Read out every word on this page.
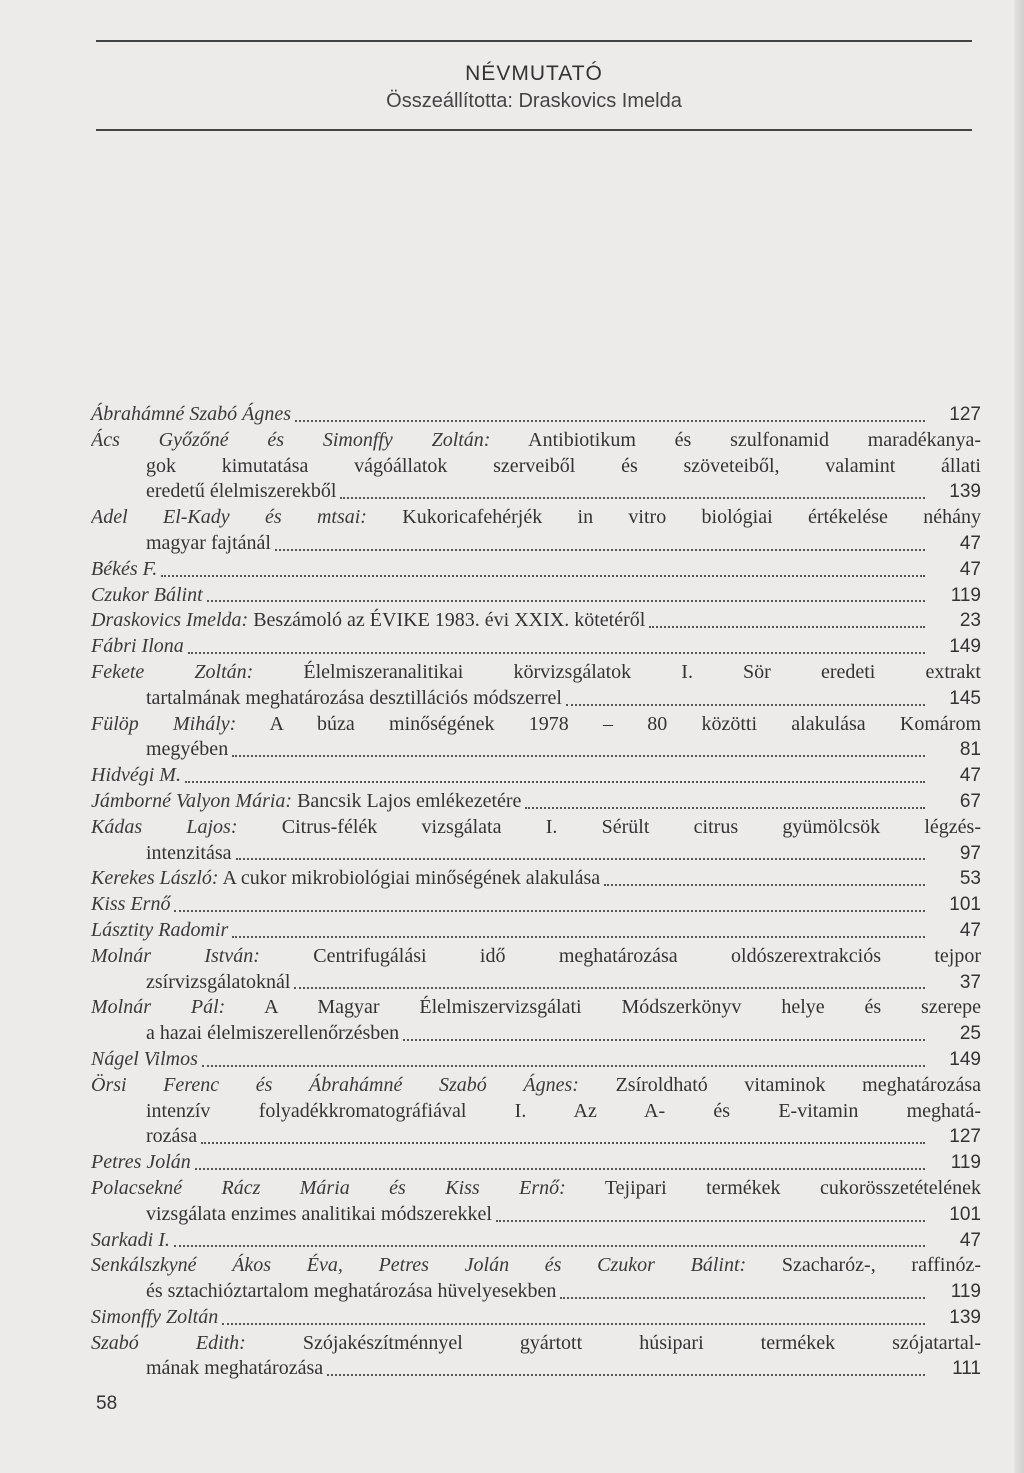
NÉVMUTATÓ
Összeállította: Draskovics Imelda
Ábrahámné Szabó Ágnes	127
Ács Győzőné és Simonffy Zoltán: Antibiotikum és szulfonamid maradékanya-
gok kimutatása vágóállatok szerveiből és szöveteiből, valamint állati
eredetű élelmiszerekből	139
Adel El-Kady és mtsai: Kukoricafehérjék in vitro biológiai értékelése néhány
magyar fajtánál	47
Békés F.	47
Czukor Bálint	119
Draskovics Imelda: Beszámoló az ÉVIKE 1983. évi XXIX. kötetéről	23
Fábri Ilona	149
Fekete Zoltán: Élelmiszeranalitikai körvizsgálatok I. Sör eredeti extrakt
tartalmának meghatározása desztillációs módszerrel	145
Fülöp Mihály: A búza minőségének 1978 – 80 közötti alakulása Komárom
megyében	81
Hidvégi M.	47
Jámborné Valyon Mária: Bancsik Lajos emlékezetére	67
Kádas Lajos: Citrus-félék vizsgálata I. Sérült citrus gyümölcsök légzés-
intenzitása	97
Kerekes László: A cukor mikrobiológiai minőségének alakulása	53
Kiss Ernő	101
Lásztity Radomir	47
Molnár István: Centrifugálási idő meghatározása oldószerextrakciós tejpor
zsírvizsgálatoknál	37
Molnár Pál: A Magyar Élelmiszervizsgálati Módszerkönyv helye és szerepe
a hazai élelmiszerellenőrzésben	25
Nágel Vilmos	149
Örsi Ferenc és Ábrahámné Szabó Ágnes: Zsíroldható vitaminok meghatározása
intenzív folyadékkromatográfiával I. Az A- és E-vitamin meghatá-
rozása	127
Petres Jolán	119
Polacsekné Rácz Mária és Kiss Ernő: Tejipari termékek cukorösszetételének
vizsgálata enzimes analitikai módszerekkel	101
Sarkadi I.	47
Senkálszkyné Ákos Éva, Petres Jolán és Czukor Bálint: Szacharóz-, raffinóz-
és sztachióztartalom meghatározása hüvelyesekben	119
Simonffy Zoltán	139
Szabó Edith: Szójakészítménnyel gyártott húsipari termékek szójatartal-
mának meghatározása	111
58
